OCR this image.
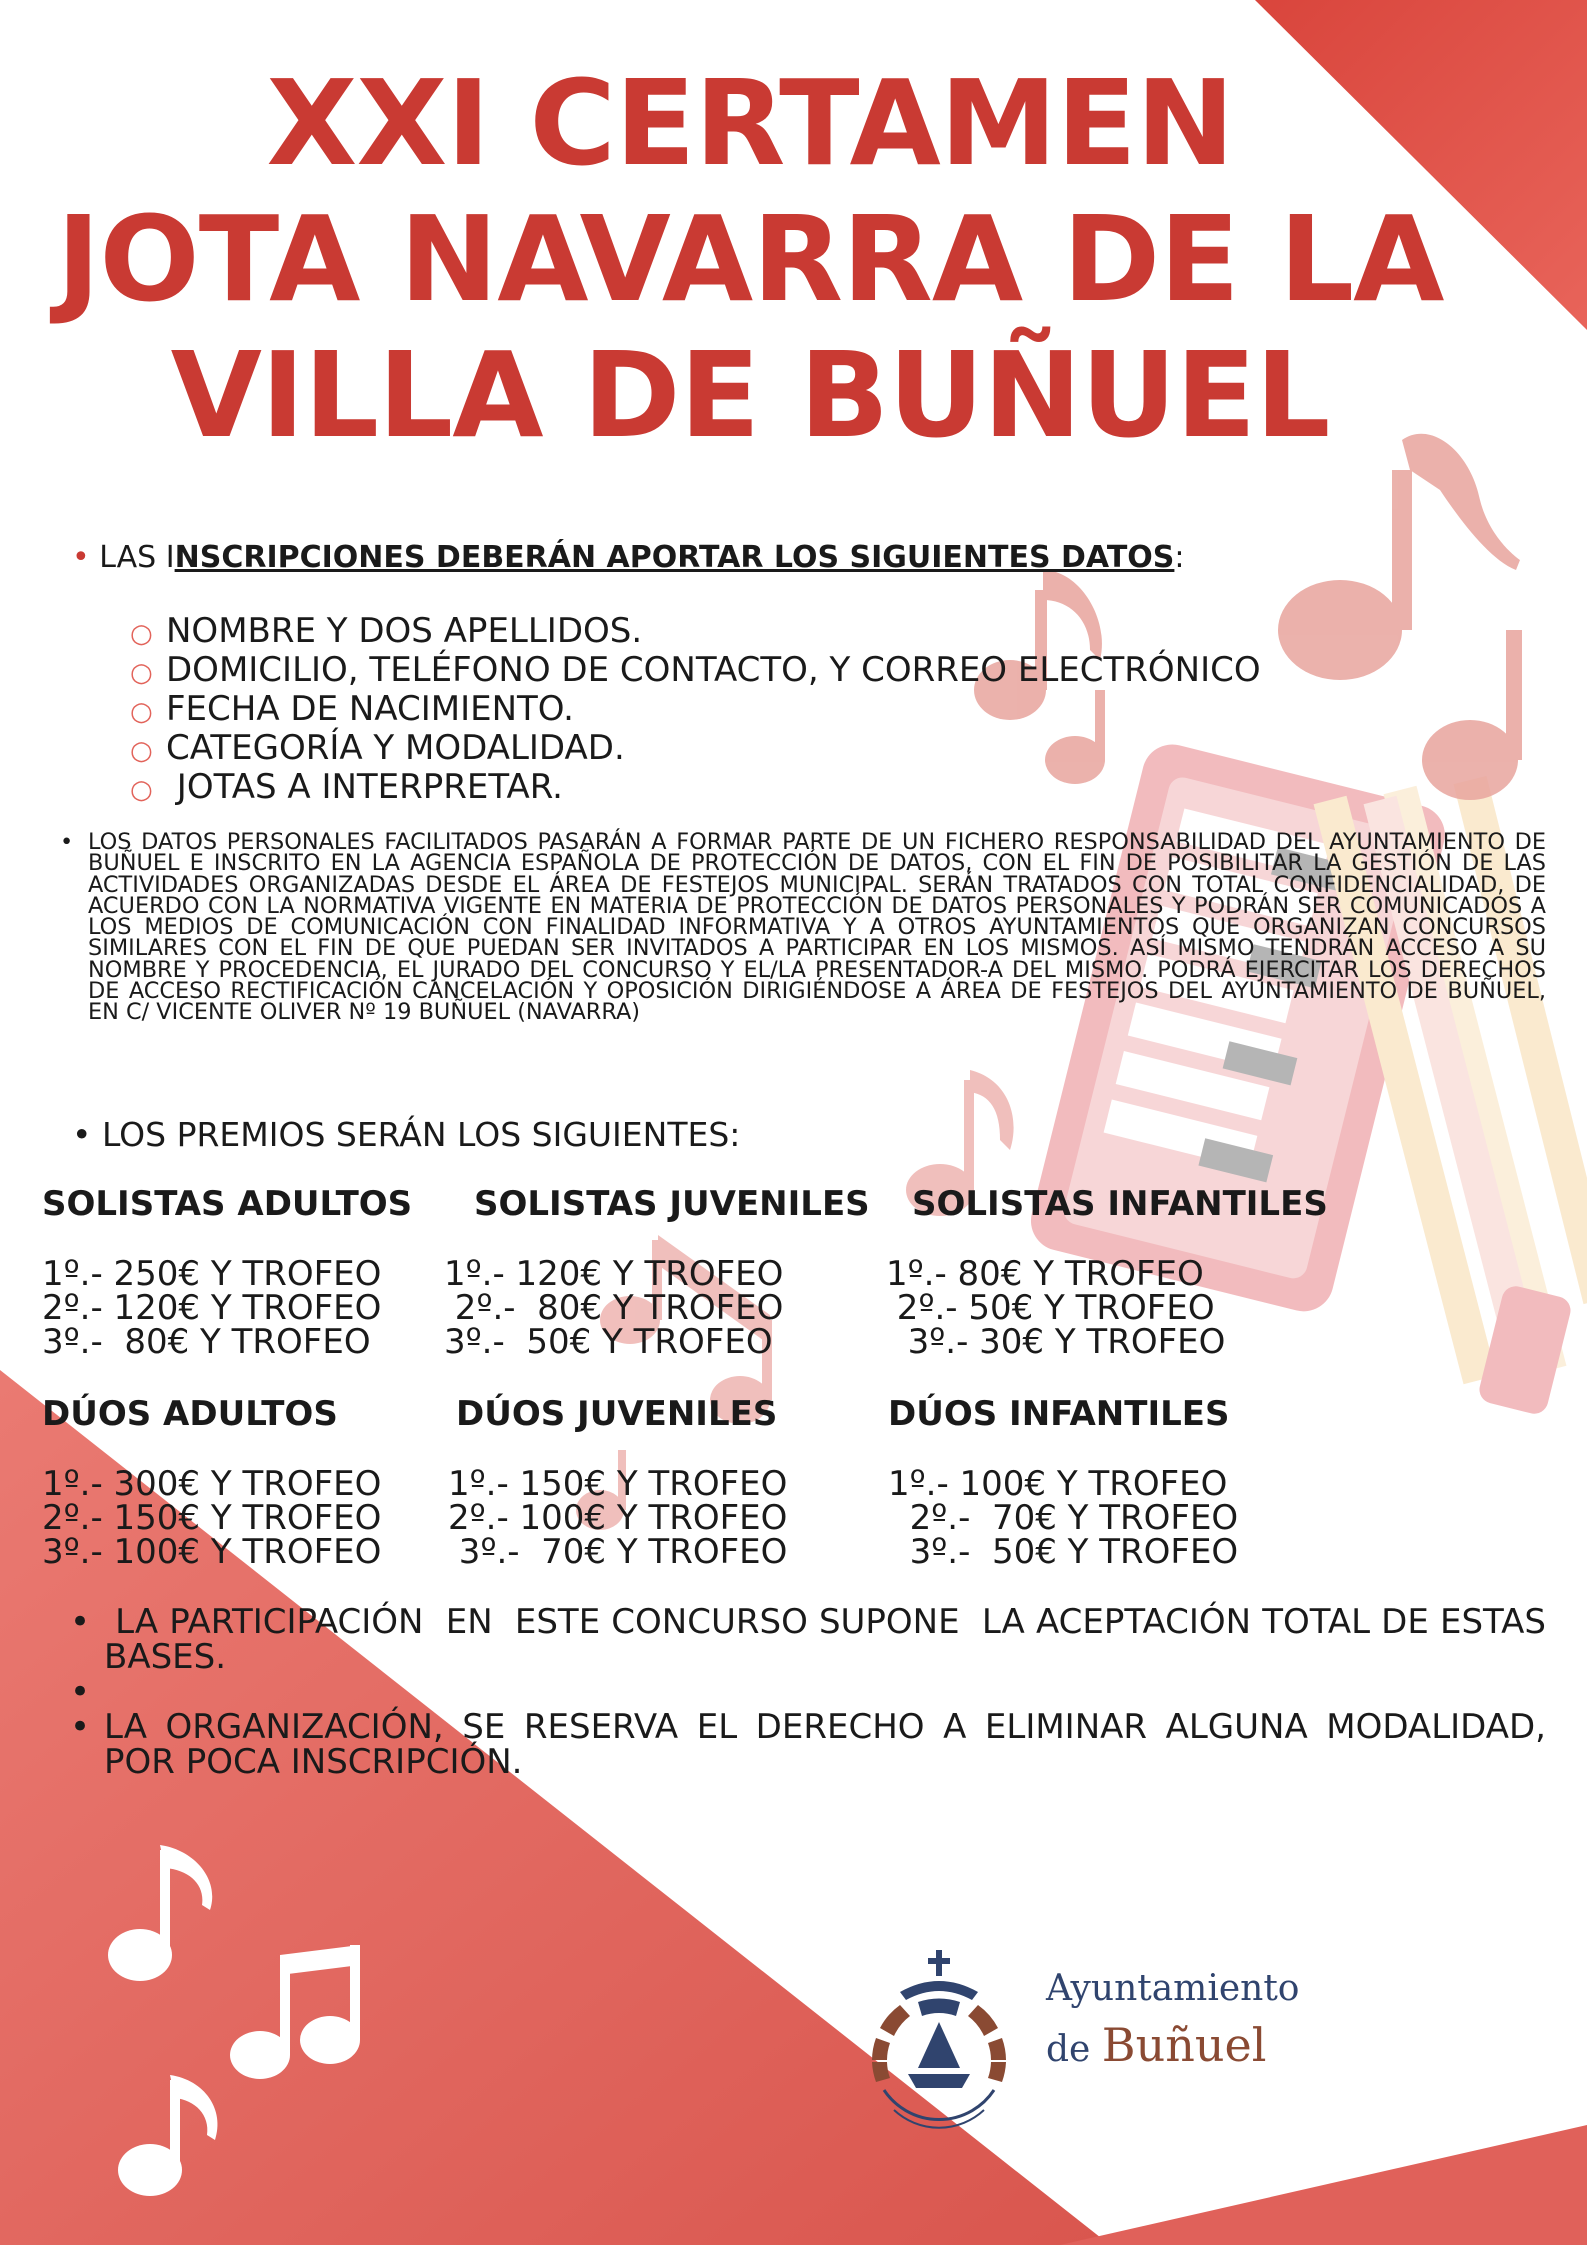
XXI CERTAMEN
JOTA NAVARRA DE LA
VILLA DE BUÑUEL
• LAS INSCRIPCIONES DEBERÁN APORTAR LOS SIGUIENTES DATOS:
○ NOMBRE Y DOS APELLIDOS.
○ DOMICILIO, TELÉFONO DE CONTACTO, Y CORREO ELECTRÓNICO
○ FECHA DE NACIMIENTO.
○ CATEGORÍA Y MODALIDAD.
○ JOTAS A INTERPRETAR.
• LOS DATOS PERSONALES FACILITADOS PASARÁN A FORMAR PARTE DE UN FICHERO RESPONSABILIDAD DEL AYUNTAMIENTO DE BUÑUEL E INSCRITO EN LA AGENCIA ESPAÑOLA DE PROTECCIÓN DE DATOS, CON EL FIN DE POSIBILITAR LA GESTIÓN DE LAS ACTIVIDADES ORGANIZADAS DESDE EL ÁREA DE FESTEJOS MUNICIPAL. SERÁN TRATADOS CON TOTAL CONFIDENCIALIDAD, DE ACUERDO CON LA NORMATIVA VIGENTE EN MATERIA DE PROTECCIÓN DE DATOS PERSONALES Y PODRÁN SER COMUNICADOS A LOS MEDIOS DE COMUNICACIÓN CON FINALIDAD INFORMATIVA Y A OTROS AYUNTAMIENTOS QUE ORGANIZAN CONCURSOS SIMILARES CON EL FIN DE QUE PUEDAN SER INVITADOS A PARTICIPAR EN LOS MISMOS. ASÍ MISMO TENDRÁN ACCESO A SU NOMBRE Y PROCEDENCIA, EL JURADO DEL CONCURSO Y EL/LA PRESENTADOR-A DEL MISMO. PODRÁ EJERCITAR LOS DERECHOS DE ACCESO RECTIFICACIÓN CANCELACIÓN Y OPOSICIÓN DIRIGIÉNDOSE A ÁREA DE FESTEJOS DEL AYUNTAMIENTO DE BUÑUEL, EN C/ VICENTE OLIVER Nº 19 BUÑUEL (NAVARRA)
• LOS PREMIOS SERÁN LOS SIGUIENTES:
SOLISTAS ADULTOS SOLISTAS JUVENILES SOLISTAS INFANTILES
1º.- 250€ Y TROFEO
2º.- 120€ Y TROFEO
3º.-  80€ Y TROFEO
1º.- 120€ Y TROFEO
2º.-  80€ Y TROFEO
3º.-  50€ Y TROFEO
1º.- 80€ Y TROFEO
2º.- 50€ Y TROFEO
3º.- 30€ Y TROFEO
DÚOS ADULTOS	DÚOS JUVENILES	DÚOS INFANTILES
1º.- 300€ Y TROFEO
2º.- 150€ Y TROFEO
3º.- 100€ Y TROFEO
1º.- 150€ Y TROFEO
2º.- 100€ Y TROFEO
3º.-  70€ Y TROFEO
1º.- 100€ Y TROFEO
2º.-  70€ Y TROFEO
3º.-  50€ Y TROFEO
• LA PARTICIPACIÓN  EN  ESTE CONCURSO SUPONE  LA ACEPTACIÓN TOTAL DE ESTAS BASES.
•
• LA ORGANIZACIÓN, SE RESERVA EL DERECHO A ELIMINAR ALGUNA MODALIDAD, POR POCA INSCRIPCIÓN.
Ayuntamiento
de Buñuel
